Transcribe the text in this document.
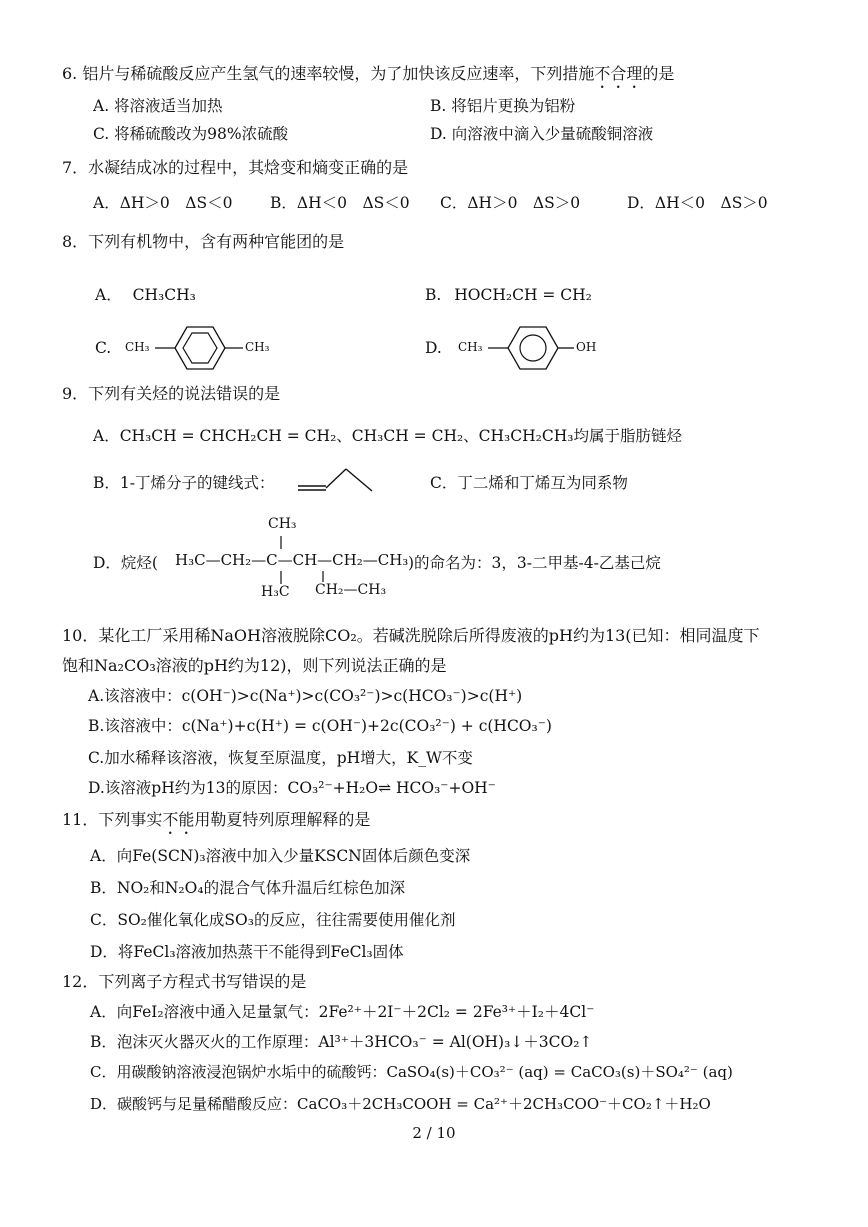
6. 铝片与稀硫酸反应产生氢气的速率较慢，为了加快该反应速率，下列措施不合理的是
A. 将溶液适当加热	B. 将铝片更换为铝粉
C. 将稀硫酸改为98%浓硫酸	D. 向溶液中滴入少量硫酸铜溶液
7．水凝结成冰的过程中，其焓变和熵变正确的是
A．ΔH＞0　ΔS＜0 B．ΔH＜0　ΔS＜0 C．ΔH＞0　ΔS＞0	D．ΔH＜0　ΔS＞0
8．下列有机物中，含有两种官能团的是
A． CH₃CH₃	B. HOCH₂CH = CH₂
C. CH₃	CH₃	D. CH₃	OH
9．下列有关烃的说法错误的是
A．CH₃CH = CHCH₂CH = CH₂、CH₃CH = CH₂、CH₃CH₂CH₃均属于脂肪链烃
B．1-丁烯分子的键线式：	C．丁二烯和丁烯互为同系物
D．烷烃(
CH₃
H₃C—CH₂—C—CH—CH₂—CH₃
H₃C CH₂—CH₃
)的命名为：3，3-二甲基-4-乙基己烷
10．某化工厂采用稀NaOH溶液脱除CO₂。若碱洗脱除后所得废液的pH约为13(已知：相同温度下
饱和Na₂CO₃溶液的pH约为12)，则下列说法正确的是
A.该溶液中：c(OH⁻)>c(Na⁺)>c(CO₃²⁻)>c(HCO₃⁻)>c(H⁺)
B.该溶液中：c(Na⁺)+c(H⁺) = c(OH⁻)+2c(CO₃²⁻) + c(HCO₃⁻)
C.加水稀释该溶液，恢复至原温度，pH增大，K_W不变
D.该溶液pH约为13的原因：CO₃²⁻+H₂O⇌ HCO₃⁻+OH⁻
11．下列事实不能用勒夏特列原理解释的是
A．向Fe(SCN)₃溶液中加入少量KSCN固体后颜色变深
B．NO₂和N₂O₄的混合气体升温后红棕色加深
C．SO₂催化氧化成SO₃的反应，往往需要使用催化剂
D．将FeCl₃溶液加热蒸干不能得到FeCl₃固体
12．下列离子方程式书写错误的是
A．向FeI₂溶液中通入足量氯气：2Fe²⁺＋2I⁻＋2Cl₂ = 2Fe³⁺＋I₂＋4Cl⁻
B．泡沫灭火器灭火的工作原理：Al³⁺＋3HCO₃⁻ = Al(OH)₃↓＋3CO₂↑
C．用碳酸钠溶液浸泡锅炉水垢中的硫酸钙：CaSO₄(s)＋CO₃²⁻ (aq) = CaCO₃(s)＋SO₄²⁻ (aq)
D．碳酸钙与足量稀醋酸反应：CaCO₃＋2CH₃COOH = Ca²⁺＋2CH₃COO⁻＋CO₂↑＋H₂O
2 / 10
